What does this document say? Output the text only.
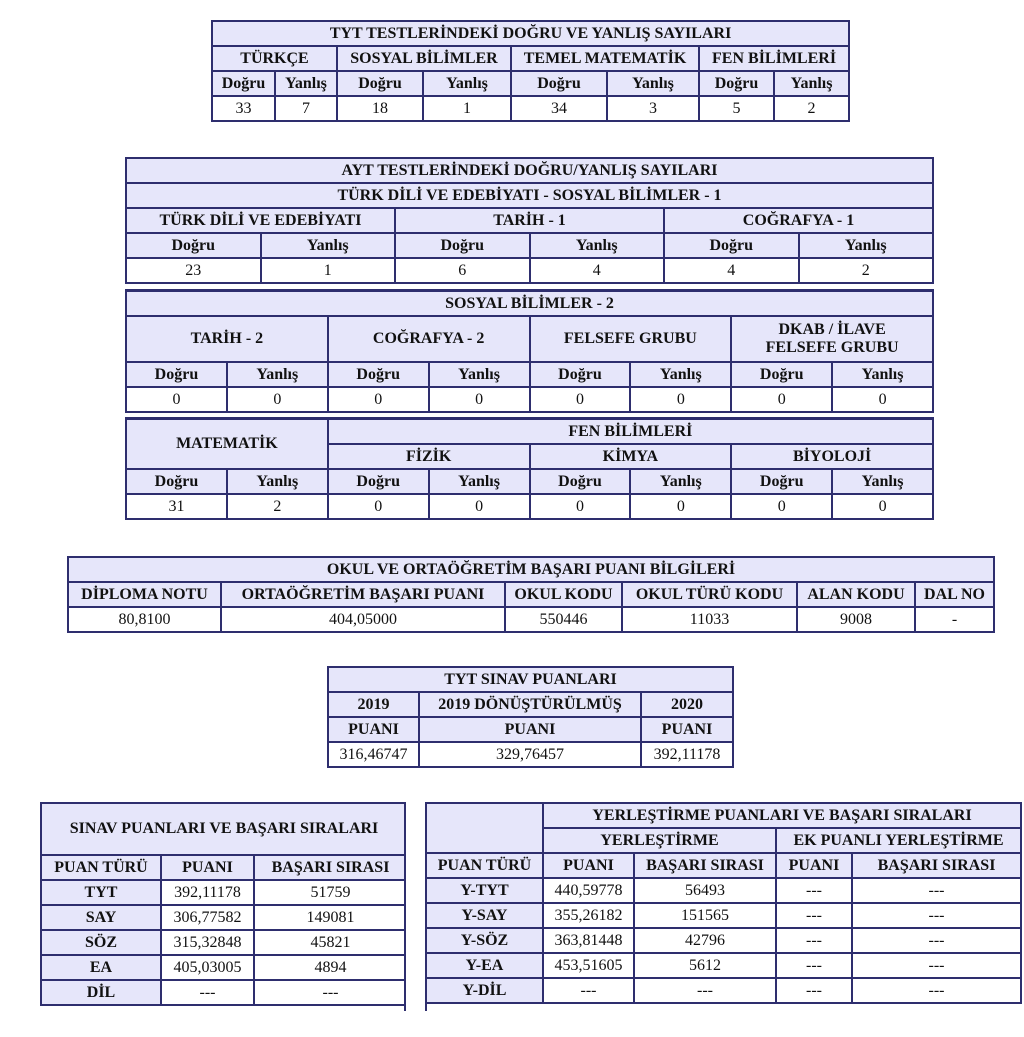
TYT TESTLERİNDEKİ DOĞRU VE YANLIŞ SAYILARI							
TÜRKÇE		SOSYAL BİLİMLER		TEMEL MATEMATİK		FEN BİLİMLERİ	
Doğru	Yanlış	Doğru	Yanlış	Doğru	Yanlış	Doğru	Yanlış
33	7	18	1	34	3	5	2
AYT TESTLERİNDEKİ DOĞRU/YANLIŞ SAYILARI					
TÜRK DİLİ VE EDEBİYATI - SOSYAL BİLİMLER - 1					
TÜRK DİLİ VE EDEBİYATI		TARİH - 1		COĞRAFYA - 1	
Doğru	Yanlış	Doğru	Yanlış	Doğru	Yanlış
23	1	6	4	4	2
SOSYAL BİLİMLER - 2							
TARİH - 2		COĞRAFYA - 2		FELSEFE GRUBU		DKAB / İLAVE
FELSEFE GRUBU	

Doğru	Yanlış	Doğru	Yanlış	Doğru	Yanlış	Doğru	Yanlış
0	0	0	0	0	0	0	0
MATEMATİK		FEN BİLİMLERİ					
		FİZİK		KİMYA		BİYOLOJİ	
Doğru	Yanlış	Doğru	Yanlış	Doğru	Yanlış	Doğru	Yanlış
31	2	0	0	0	0	0	0
OKUL VE ORTAÖĞRETİM BAŞARI PUANI BİLGİLERİ					
DİPLOMA NOTU	ORTAÖĞRETİM BAŞARI PUANI	OKUL KODU	OKUL TÜRÜ KODU	ALAN KODU	DAL NO
80,8100	404,05000	550446	11033	9008	-
TYT SINAV PUANLARI		
2019	2019 DÖNÜŞTÜRÜLMÜŞ	2020
PUANI	PUANI	PUANI
316,46747	329,76457	392,11178
SINAV PUANLARI VE BAŞARI SIRALARI		
PUAN TÜRÜ	PUANI	BAŞARI SIRASI
TYT	392,11178	51759
SAY	306,77582	149081
SÖZ	315,32848	45821
EA	405,03005	4894
DİL	---	---
	YERLEŞTİRME PUANLARI VE BAŞARI SIRALARI			
	YERLEŞTİRME		EK PUANLI YERLEŞTİRME	
PUAN TÜRÜ	PUANI	BAŞARI SIRASI	PUANI	BAŞARI SIRASI
Y-TYT	440,59778	56493	---	---
Y-SAY	355,26182	151565	---	---
Y-SÖZ	363,81448	42796	---	---
Y-EA	453,51605	5612	---	---
Y-DİL	---	---	---	---
